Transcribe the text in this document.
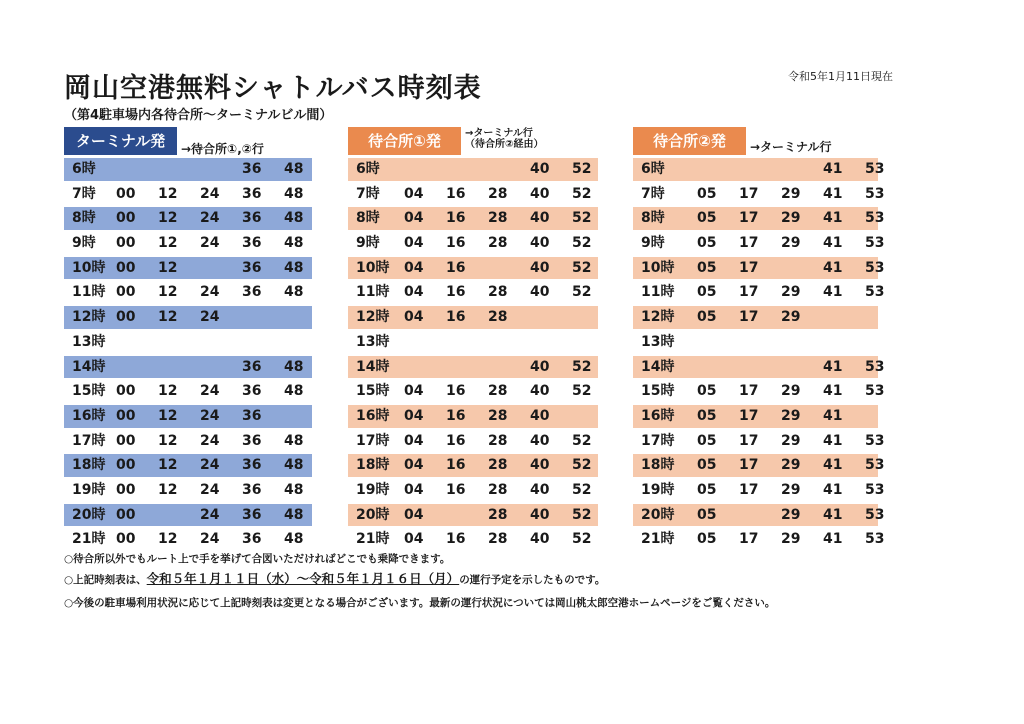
岡山空港無料シャトルバス時刻表	令和5年1月11日現在
（第4駐車場内各待合所～ターミナルビル間）
ターミナル発	→待合所①,②行
6時	36 48
7時 00 12 24 36 48
8時 00 12 24 36 48
9時 00 12 24 36 48
10時 00 12	36 48
11時 00 12 24 36 48
12時 00 12 24
13時
14時	36 48
15時 00 12 24 36 48
16時 00 12 24 36
17時 00 12 24 36 48
18時 00 12 24 36 48
19時 00 12 24 36 48
20時 00	24 36 48
21時 00 12 24 36 48
待合所①発	→ターミナル行
（待合所②経由）
6時	40 52
7時 04 16 28 40 52
8時 04 16 28 40 52
9時 04 16 28 40 52
10時 04 16	40 52
11時 04 16 28 40 52
12時 04 16 28
13時
14時	40 52
15時 04 16 28 40 52
16時 04 16 28 40
17時 04 16 28 40 52
18時 04 16 28 40 52
19時 04 16 28 40 52
20時 04	28 40 52
21時 04 16 28 40 52
待合所②発	→ターミナル行
6時	41 53
7時 05 17 29 41 53
8時 05 17 29 41 53
9時 05 17 29 41 53
10時 05 17	41 53
11時 05 17 29 41 53
12時 05 17 29
13時
14時	41 53
15時 05 17 29 41 53
16時 05 17 29 41
17時 05 17 29 41 53
18時 05 17 29 41 53
19時 05 17 29 41 53
20時 05	29 41 53
21時 05 17 29 41 53
○待合所以外でもルート上で手を挙げて合図いただければどこでも乗降できます。
○上記時刻表は、令和５年１月１１日（水）～令和５年１月１６日（月）の運行予定を示したものです。
○今後の駐車場利用状況に応じて上記時刻表は変更となる場合がございます。最新の運行状況については岡山桃太郎空港ホームページをご覧ください。
